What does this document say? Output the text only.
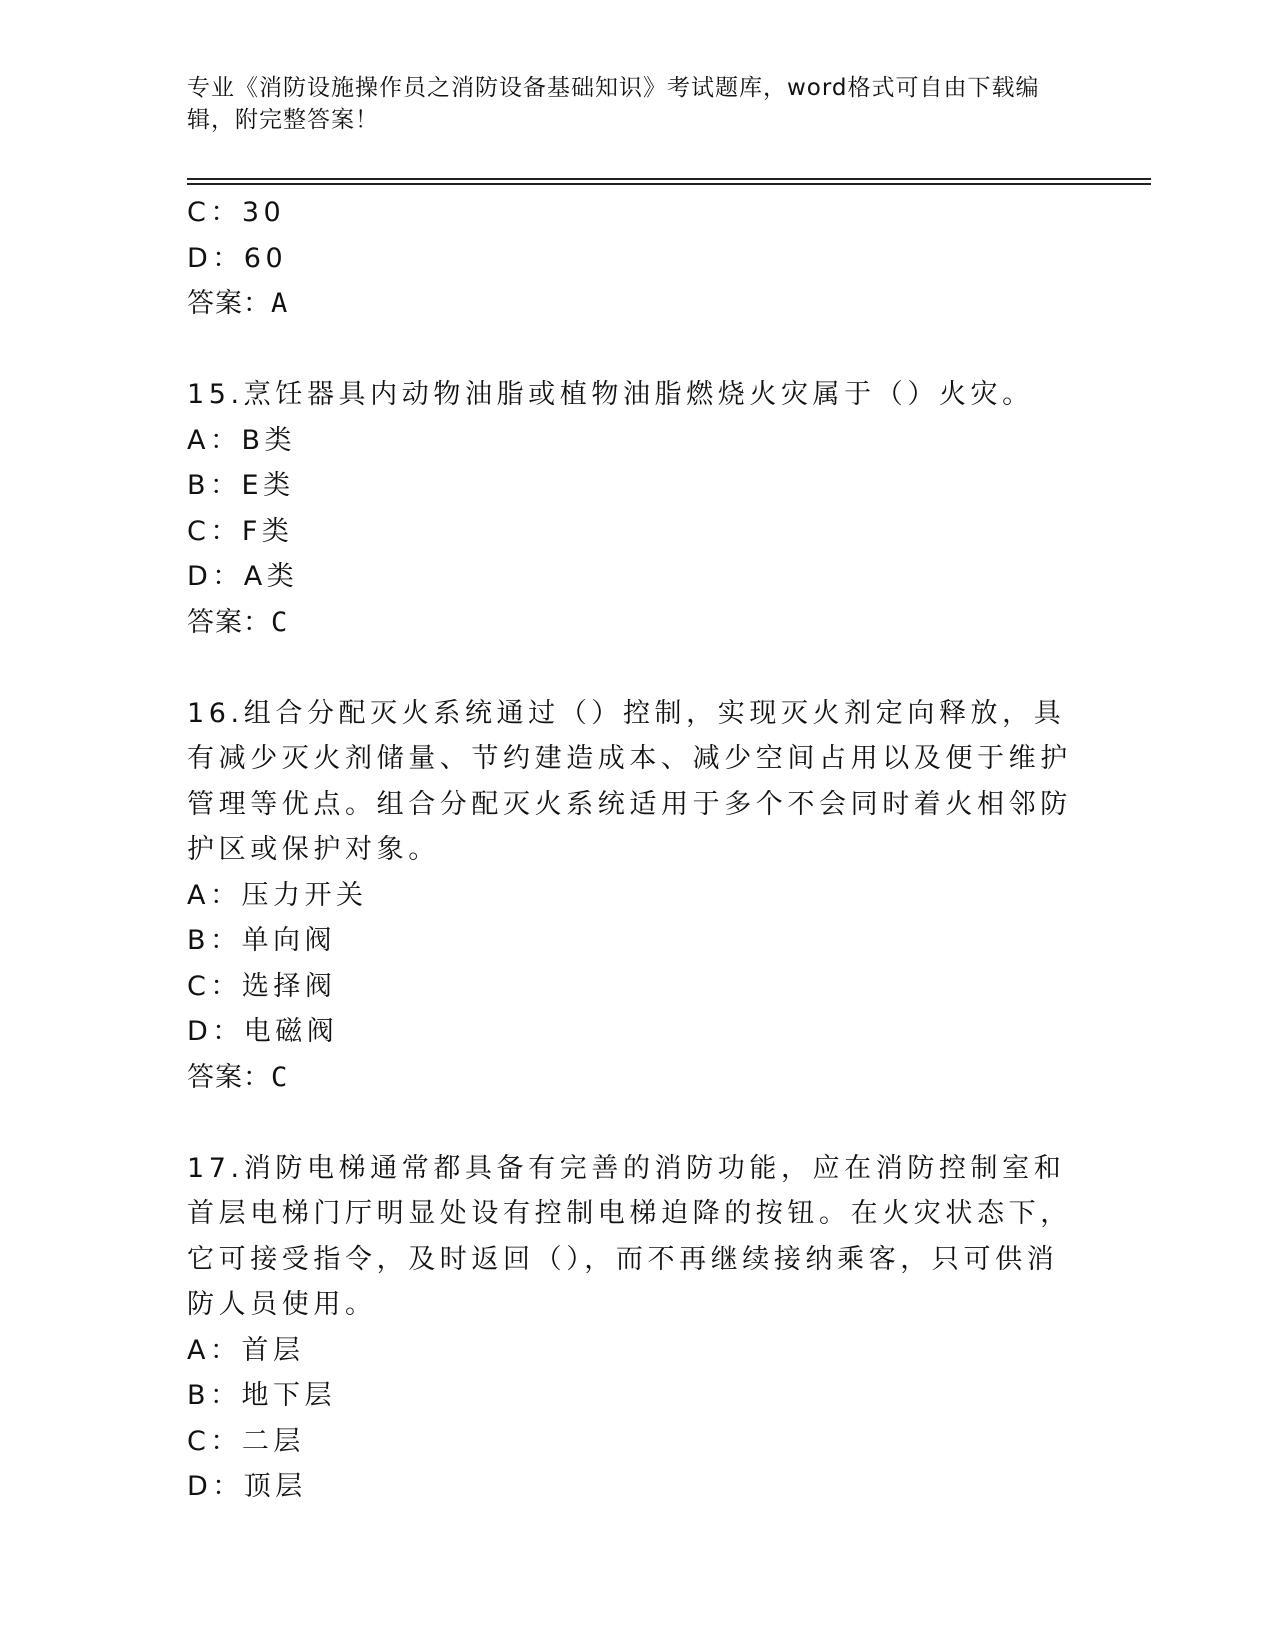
专业《消防设施操作员之消防设备基础知识》考试题库，word格式可自由下载编辑，附完整答案！
C：30
D：60
答案：A
15.烹饪器具内动物油脂或植物油脂燃烧火灾属于（）火灾。
A：B类
B：E类
C：F类
D：A类
答案：C
16.组合分配灭火系统通过（）控制，实现灭火剂定向释放，具有减少灭火剂储量、节约建造成本、减少空间占用以及便于维护管理等优点。组合分配灭火系统适用于多个不会同时着火相邻防护区或保护对象。
A：压力开关
B：单向阀
C：选择阀
D：电磁阀
答案：C
17.消防电梯通常都具备有完善的消防功能，应在消防控制室和首层电梯门厅明显处设有控制电梯迫降的按钮。在火灾状态下，它可接受指令，及时返回（），而不再继续接纳乘客，只可供消防人员使用。
A：首层
B：地下层
C：二层
D：顶层
